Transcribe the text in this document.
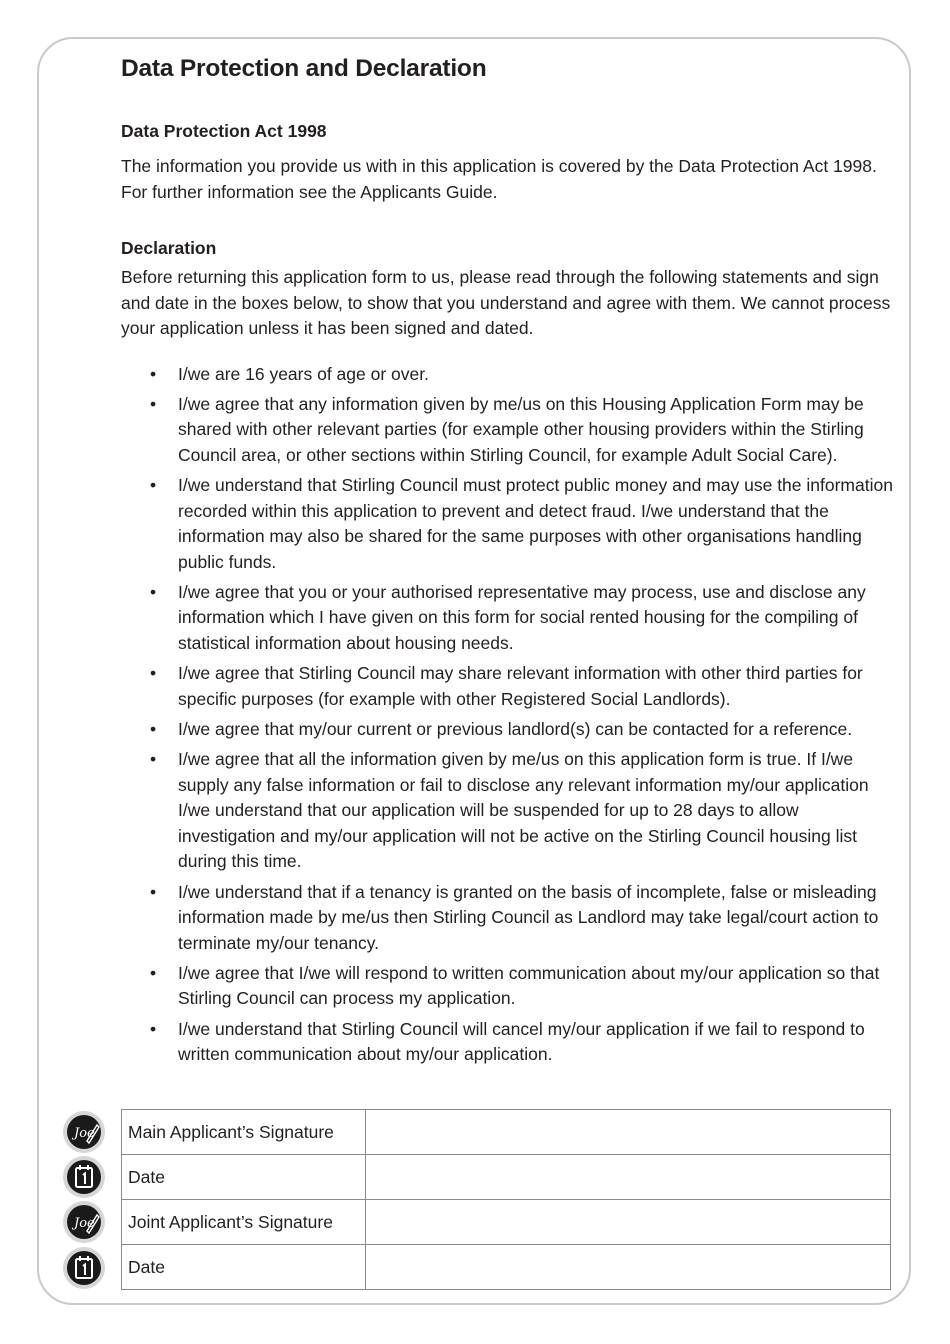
Data Protection and Declaration
Data Protection Act 1998

The information you provide us with in this application is covered by the Data Protection Act 1998. For further information see the Applicants Guide.

Declaration

Before returning this application form to us, please read through the following statements and sign and date in the boxes below, to show that you understand and agree with them. We cannot process your application unless it has been signed and dated.

• I/we are 16 years of age or over.
• I/we agree that any information given by me/us on this Housing Application Form may be shared with other relevant parties (for example other housing providers within the Stirling Council area, or other sections within Stirling Council, for example Adult Social Care).
• I/we understand that Stirling Council must protect public money and may use the information recorded within this application to prevent and detect fraud. I/we understand that the information may also be shared for the same purposes with other organisations handling public funds.
• I/we agree that you or your authorised representative may process, use and disclose any information which I have given on this form for social rented housing for the compiling of statistical information about housing needs.
• I/we agree that Stirling Council may share relevant information with other third parties for specific purposes (for example with other Registered Social Landlords).
• I/we agree that my/our current or previous landlord(s) can be contacted for a reference.
• I/we agree that all the information given by me/us on this application form is true. If I/we supply any false information or fail to disclose any relevant information my/our application I/we understand that our application will be suspended for up to 28 days to allow investigation and my/our application will not be active on the Stirling Council housing list during this time.
• I/we understand that if a tenancy is granted on the basis of incomplete, false or misleading information made by me/us then Stirling Council as Landlord may take legal/court action to terminate my/our tenancy.
• I/we agree that I/we will respond to written communication about my/our application so that Stirling Council can process my application.
• I/we understand that Stirling Council will cancel my/our application if we fail to respond to written communication about my/our application.
Joe
Joe
Main Applicant’s Signature	
Date	
Joint Applicant’s Signature	
Date	
